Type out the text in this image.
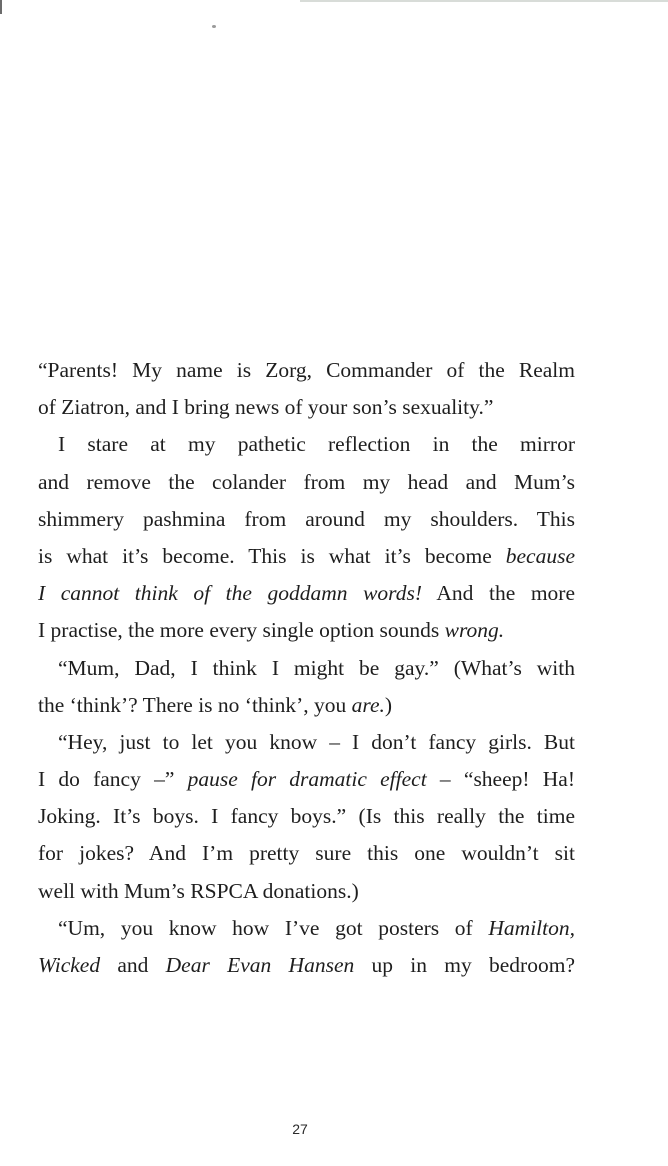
“Parents! My name is Zorg, Commander of the Realm
of Ziatron, and I bring news of your son’s sexuality.”
I stare at my pathetic reflection in the mirror
and remove the colander from my head and Mum’s
shimmery pashmina from around my shoulders. This
is what it’s become. This is what it’s become because
I cannot think of the goddamn words! And the more
I practise, the more every single option sounds wrong.
“Mum, Dad, I think I might be gay.” (What’s with
the ‘think’? There is no ‘think’, you are.)
“Hey, just to let you know – I don’t fancy girls. But
I do fancy –” pause for dramatic effect – “sheep! Ha!
Joking. It’s boys. I fancy boys.” (Is this really the time
for jokes? And I’m pretty sure this one wouldn’t sit
well with Mum’s RSPCA donations.)
“Um, you know how I’ve got posters of Hamilton,
Wicked and Dear Evan Hansen up in my bedroom?
27
